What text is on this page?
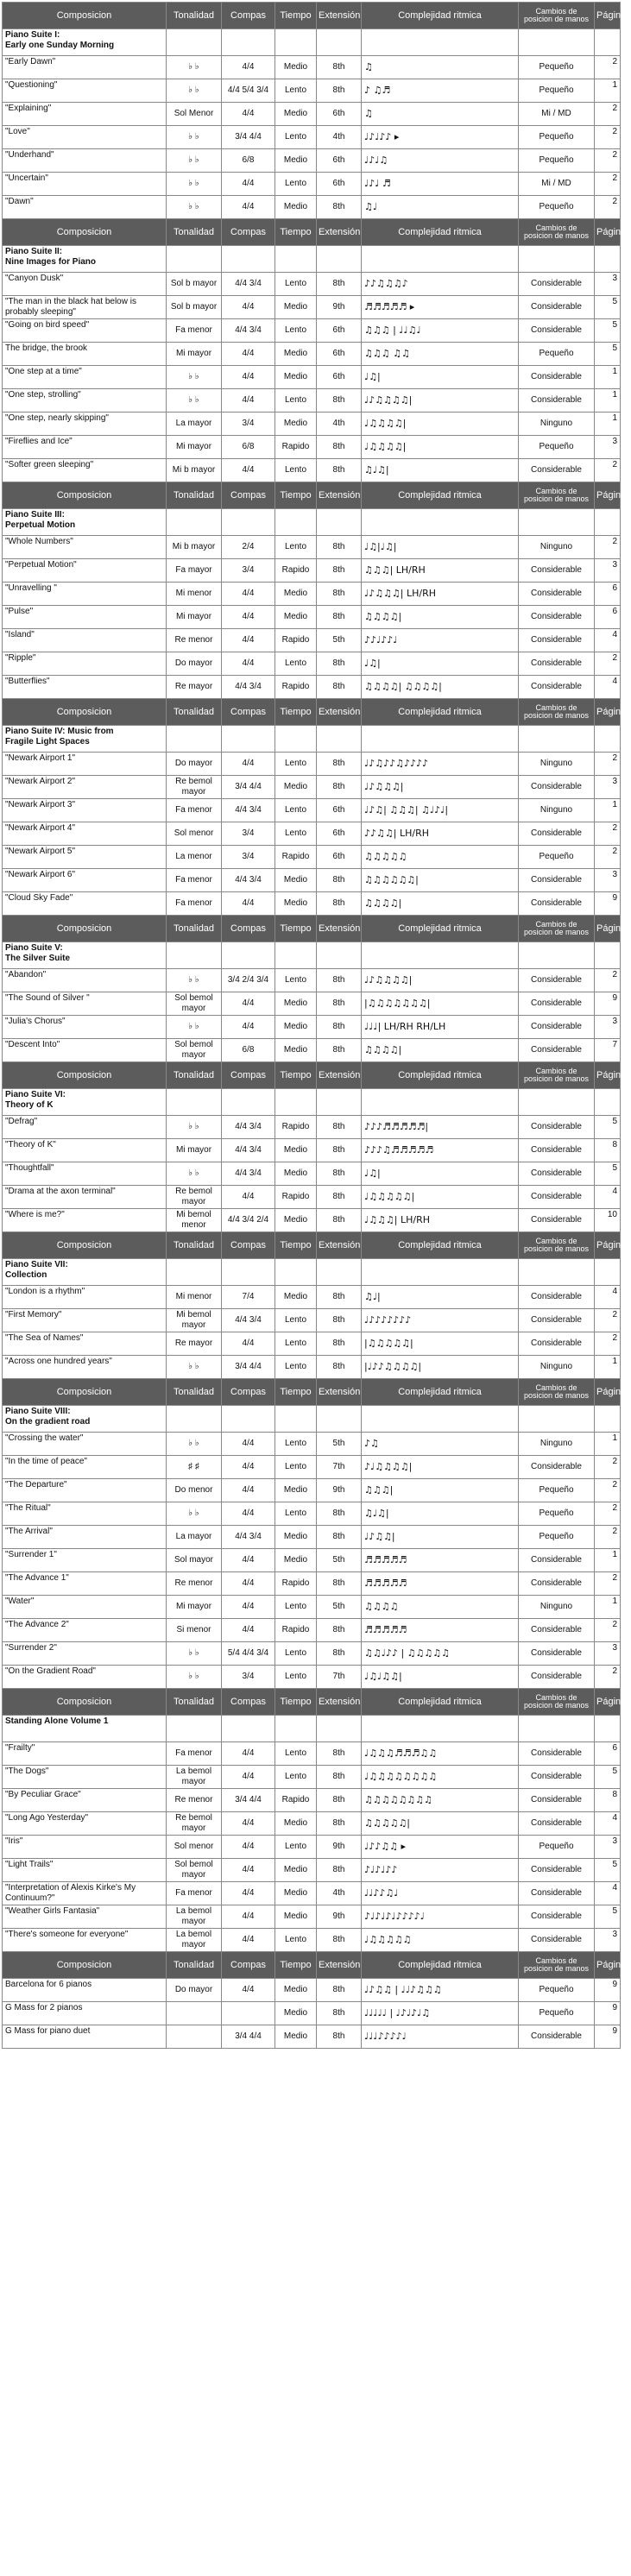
Composicion	Tonalidad	Compas	Tiempo	Extensión	Complejidad ritmica	Cambios de posicion de manos	Páginas
Piano Suite I:
Early one Sunday Morning							
"Early Dawn"	♭ ♭	4/4	Medio	8th	♫	Pequeño	2
"Questioning"	♭ ♭	4/4 5/4 3/4	Lento	8th	♪ ♫♬	Pequeño	1
"Explaining"	Sol Menor	4/4	Medio	6th	♫	Mi / MD	2
"Love"	♭ ♭	3/4 4/4	Lento	4th	♩♪♩♪♪ ▸	Pequeño	2
"Underhand"	♭ ♭	6/8	Medio	6th	♩♪♩♫	Pequeño	2
"Uncertain"	♭ ♭	4/4	Lento	6th	♩♪♩ ♬	Mi / MD	2
"Dawn"	♭ ♭	4/4	Medio	8th	♫♩	Pequeño	2
Composicion	Tonalidad	Compas	Tiempo	Extensión	Complejidad ritmica	Cambios de posicion de manos	Páginas
Piano Suite II:
Nine Images for Piano							
"Canyon Dusk"	Sol b mayor	4/4 3/4	Lento	8th	♪♪♫♫♫♪	Considerable	3
"The man in the black hat below is probably sleeping"	Sol b mayor	4/4	Medio	9th	♬♬♬♬♬ ▸	Considerable	5
"Going on bird speed"	Fa menor	4/4 3/4	Lento	6th	♫♫♫ | ♩♩♫♩	Considerable	5
The bridge, the brook	Mi mayor	4/4	Medio	6th	♫♫♫ ♫♫	Pequeño	5
"One step at a time"	♭ ♭	4/4	Medio	6th	♩♫|	Considerable	1
"One step, strolling"	♭ ♭	4/4	Lento	8th	♩♪♫♫♫♫|	Considerable	1
"One step, nearly skipping"	La mayor	3/4	Medio	4th	♩♫♫♫♫|	Ninguno	1
"Fireflies and Ice"	Mi mayor	6/8	Rapido	8th	♩♫♫♫♫|	Pequeño	3
"Softer green sleeping"	Mi b mayor	4/4	Lento	8th	♫♩♫|	Considerable	2
Composicion	Tonalidad	Compas	Tiempo	Extensión	Complejidad ritmica	Cambios de posicion de manos	Páginas
Piano Suite III:
Perpetual Motion							
"Whole Numbers"	Mi b mayor	2/4	Lento	8th	♩♫|♩♫|	Ninguno	2
"Perpetual Motion"	Fa mayor	3/4	Rapido	8th	♫♫♫| LH/RH	Considerable	3
"Unravelling "	Mi menor	4/4	Medio	8th	♩♪♫♫♫| LH/RH	Considerable	6
"Pulse"	Mi mayor	4/4	Medio	8th	♫♫♫♫|	Considerable	6
"Island"	Re menor	4/4	Rapido	5th	♪♪♩♪♪♩	Considerable	4
"Ripple"	Do mayor	4/4	Lento	8th	♩♫|	Considerable	2
"Butterflies"	Re mayor	4/4 3/4	Rapido	8th	♫♫♫♫| ♫♫♫♫|	Considerable	4
Composicion	Tonalidad	Compas	Tiempo	Extensión	Complejidad ritmica	Cambios de posicion de manos	Páginas
Piano Suite IV: Music from
Fragile Light Spaces							
"Newark Airport 1"	Do mayor	4/4	Lento	8th	♩♪♫♪♪♫♪♪♪♪	Ninguno	2
"Newark Airport 2"	Re bemol mayor	3/4 4/4	Medio	8th	♩♪♫♫♫|	Considerable	3
"Newark Airport 3"	Fa menor	4/4 3/4	Lento	6th	♩♪♫| ♫♫♫| ♫♩♪♩|	Ninguno	1
"Newark Airport 4"	Sol menor	3/4	Lento	6th	♪♪♫♫| LH/RH	Considerable	2
"Newark Airport 5"	La menor	3/4	Rapido	6th	♫♫♫♫♫	Pequeño	2
"Newark Airport 6"	Fa menor	4/4 3/4	Medio	8th	♫♫♫♫♫♫|	Considerable	3
"Cloud Sky Fade"	Fa menor	4/4	Medio	8th	♫♫♫♫|	Considerable	9
Composicion	Tonalidad	Compas	Tiempo	Extensión	Complejidad ritmica	Cambios de posicion de manos	Páginas
Piano Suite V:
The Silver Suite							
"Abandon"	♭ ♭	3/4 2/4 3/4	Lento	8th	♩♪♫♫♫♫|	Considerable	2
"The Sound of Silver "	Sol bemol mayor	4/4	Medio	8th	|♫♫♫♫♫♫♫|	Considerable	9
"Julia's Chorus"	♭ ♭	4/4	Medio	8th	♩♩♩| LH/RH RH/LH	Considerable	3
"Descent Into"	Sol bemol mayor	6/8	Medio	8th	♫♫♫♫|	Considerable	7
Composicion	Tonalidad	Compas	Tiempo	Extensión	Complejidad ritmica	Cambios de posicion de manos	Páginas
Piano Suite VI:
Theory of K							
"Defrag"	♭ ♭	4/4 3/4	Rapido	8th	♪♪♪♬♬♬♬♬|	Considerable	5
"Theory of K"	Mi mayor	4/4 3/4	Medio	8th	♪♪♪♫♬♬♬♬♬	Considerable	8
"Thoughtfall"	♭ ♭	4/4 3/4	Medio	8th	♩♫|	Considerable	5
"Drama at the axon terminal"	Re bemol mayor	4/4	Rapido	8th	♩♫♫♫♫♫|	Considerable	4
"Where is me?"	Mi bemol menor	4/4 3/4 2/4	Medio	8th	♩♫♫♫| LH/RH	Considerable	10
Composicion	Tonalidad	Compas	Tiempo	Extensión	Complejidad ritmica	Cambios de posicion de manos	Páginas
Piano Suite VII:
Collection							
"London is a rhythm"	Mi menor	7/4	Medio	8th	♫♩|	Considerable	4
"First Memory"	Mi bemol mayor	4/4 3/4	Lento	8th	♩♪♪♪♪♪♪♪	Considerable	2
"The Sea of Names"	Re mayor	4/4	Lento	8th	|♫♫♫♫♫|	Considerable	2
"Across one hundred years"	♭ ♭	3/4 4/4	Lento	8th	|♩♪♪♫♫♫♫|	Ninguno	1
Composicion	Tonalidad	Compas	Tiempo	Extensión	Complejidad ritmica	Cambios de posicion de manos	Páginas
Piano Suite VIII:
On the gradient road							
"Crossing the water"	♭ ♭	4/4	Lento	5th	♪♫	Ninguno	1
"In the time of peace"	♯ ♯	4/4	Lento	7th	♪♩♫♫♫♫|	Considerable	2
"The Departure"	Do menor	4/4	Medio	9th	♫♫♫|	Pequeño	2
"The Ritual"	♭ ♭	4/4	Lento	8th	♫♩♫|	Pequeño	2
"The Arrival"	La mayor	4/4 3/4	Medio	8th	♩♪♫♫|	Pequeño	2
"Surrender 1"	Sol mayor	4/4	Medio	5th	♬♬♬♬♬	Considerable	1
"The Advance 1"	Re menor	4/4	Rapido	8th	♬♬♬♬♬	Considerable	2
"Water"	Mi mayor	4/4	Lento	5th	♫♫♫♫	Ninguno	1
"The Advance 2"	Si menor	4/4	Rapido	8th	♬♬♬♬♬	Considerable	2
"Surrender 2"	♭ ♭	5/4 4/4 3/4	Lento	8th	♫♫♩♪♪ | ♫♫♫♫♫	Considerable	3
"On the Gradient Road"	♭ ♭	3/4	Lento	7th	♩♫♩♫♫|	Considerable	2
Composicion	Tonalidad	Compas	Tiempo	Extensión	Complejidad ritmica	Cambios de posicion de manos	Páginas
Standing Alone Volume 1							
"Frailty"	Fa menor	4/4	Lento	8th	♩♫♫♫♬♬♬♫♫	Considerable	6
"The Dogs"	La bemol mayor	4/4	Lento	8th	♩♫♫♫♫♫♫♫♫	Considerable	5
"By Peculiar Grace"	Re menor	3/4 4/4	Rapido	8th	♫♫♫♫♫♫♫♫	Considerable	8
"Long Ago Yesterday"	Re bemol mayor	4/4	Medio	8th	♫♫♫♫♫|	Considerable	4
"Iris"	Sol menor	4/4	Lento	9th	♩♪♪♫♫ ▸	Pequeño	3
"Light Trails"	Sol bemol mayor	4/4	Medio	8th	♪♩♪♩♪♪	Considerable	5
"Interpretation of Alexis Kirke's My Continuum?"	Fa menor	4/4	Medio	4th	♩♩♪♪♫♩	Considerable	4
"Weather Girls Fantasia"	La bemol mayor	4/4	Medio	9th	♪♩♪♩♪♩♪♪♪♪♩	Considerable	5
"There's someone for everyone"	La bemol mayor	4/4	Lento	8th	♩♫♫♫♫♫	Considerable	3
Composicion	Tonalidad	Compas	Tiempo	Extensión	Complejidad ritmica	Cambios de posicion de manos	Páginas
Barcelona for 6 pianos	Do mayor	4/4	Medio	8th	♩♪♫♫ | ♩♩♪♫♫♫	Pequeño	9
G Mass for 2 pianos			Medio	8th	♩♩♩♩♩ | ♩♪♩♪♩♫	Pequeño	9
G Mass for piano duet		3/4 4/4	Medio	8th	♩♩♩♪♪♪♪♩	Considerable	9
